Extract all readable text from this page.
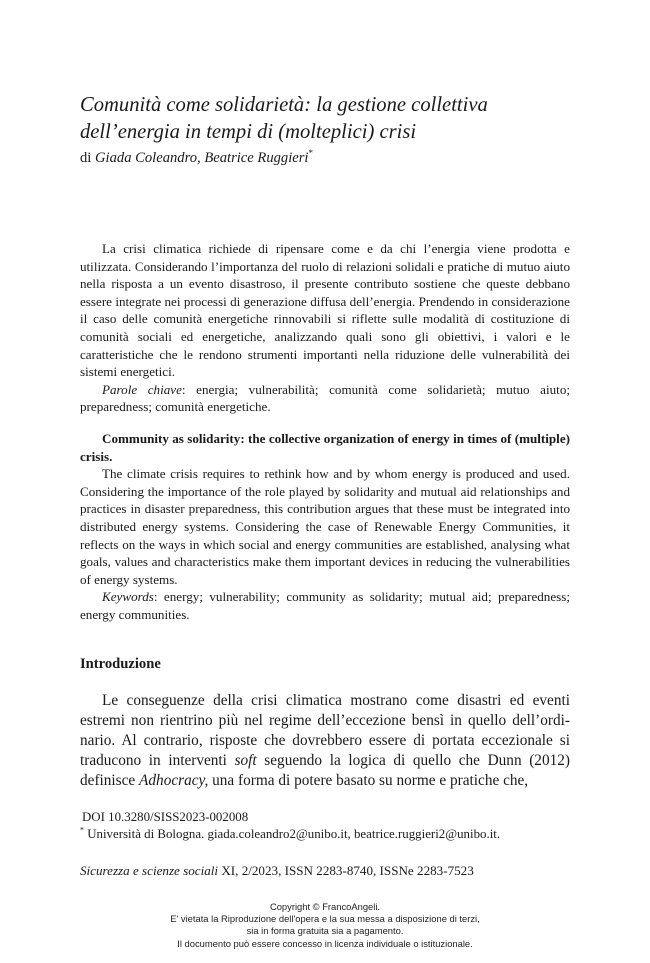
Comunità come solidarietà: la gestione collettiva
dell’energia in tempi di (molteplici) crisi
di Giada Coleandro, Beatrice Ruggieri*

La crisi climatica richiede di ripensare come e da chi l’energia viene prodotta e utilizzata. Considerando l’importanza del ruolo di relazioni solidali e pratiche di mutuo aiuto nella risposta a un evento disastroso, il presente contributo sostiene che queste debbano essere integrate nei processi di generazione diffusa dell’energia. Prendendo in considerazione il caso delle comunità energetiche rinnovabili si riflette sulle modalità di costituzione di comunità sociali ed energetiche, analizzando quali sono gli obiettivi, i valori e le caratteristiche che le rendono strumenti importanti nella riduzione delle vulnerabilità dei sistemi energetici.

Parole chiave: energia; vulnerabilità; comunità come solidarietà; mutuo aiuto; preparedness; comunità energetiche.

Community as solidarity: the collective organization of energy in times of (multiple) crisis.

The climate crisis requires to rethink how and by whom energy is produced and used. Considering the importance of the role played by solidarity and mutual aid relationships and practices in disaster preparedness, this contribution argues that these must be integrated into distributed energy systems. Considering the case of Renewable Energy Communities, it reflects on the ways in which social and energy communities are established, analysing what goals, values and characteristics make them important devices in reducing the vulnerabilities of energy systems.

Keywords: energy; vulnerability; community as solidarity; mutual aid; preparedness; energy communities.

Introduzione

Le conseguenze della crisi climatica mostrano come disastri ed eventi estremi non rientrino più nel regime dell’eccezione bensì in quello dell’ordinario. Al contrario, risposte che dovrebbero essere di portata eccezionale si traducono in interventi soft seguendo la logica di quello che Dunn (2012) definisce Adhocracy, una forma di potere basato su norme e pratiche che,

DOI 10.3280/SISS2023-002008
* Università di Bologna. giada.coleandro2@unibo.it, beatrice.ruggieri2@unibo.it.
Sicurezza e scienze sociali XI, 2/2023, ISSN 2283-8740, ISSNe 2283-7523
Copyright © FrancoAngeli.
E' vietata la Riproduzione dell'opera e la sua messa a disposizione di terzi,
sia in forma gratuita sia a pagamento.
Il documento può essere concesso in licenza individuale o istituzionale.
